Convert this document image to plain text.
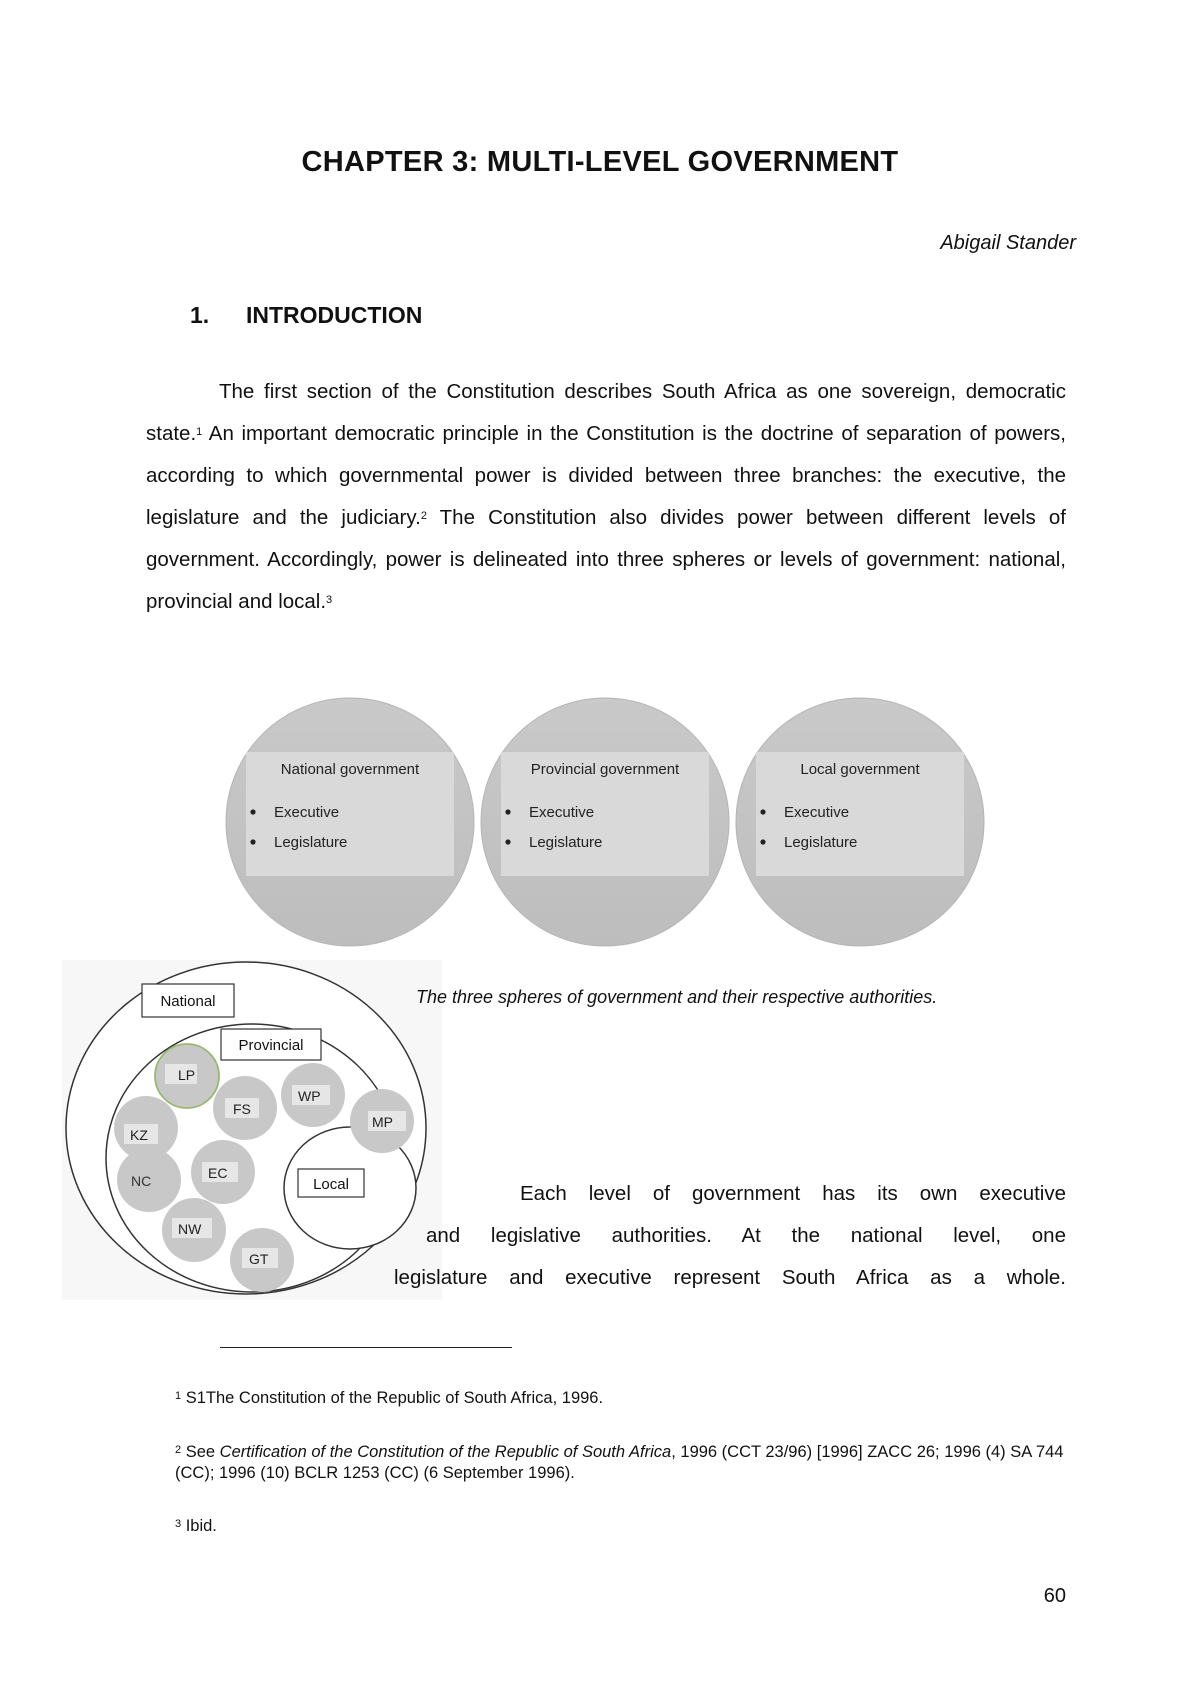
CHAPTER 3: MULTI-LEVEL GOVERNMENT
Abigail Stander
1. INTRODUCTION

The first section of the Constitution describes South Africa as one sovereign, democratic state.$^1$ An important democratic principle in the Constitution is the doctrine of separation of powers, according to which governmental power is divided between three branches: the executive, the legislature and the judiciary.$^2$ The Constitution also divides power between different levels of government. Accordingly, power is delineated into three spheres or levels of government: national, provincial and local.$^3$

National government
Executive
Legislature
Provincial government
Executive
Legislature
Local government
Executive
Legislature
National
Provincial
Local
LP
FS
WP
KZ
MP
NC	EC
NW
GT
The three spheres of government and their respective authorities.
Each level of government has its own executive
and legislative authorities. At the national level, one
legislature and executive represent South Africa as a whole.

$^1$ S1The Constitution of the Republic of South Africa, 1996.

$^2$ See Certification of the Constitution of the Republic of South Africa, 1996 (CCT 23/96) [1996] ZACC 26; 1996 (4) SA 744 (CC); 1996 (10) BCLR 1253 (CC) (6 September 1996).

$^3$ Ibid.

60
